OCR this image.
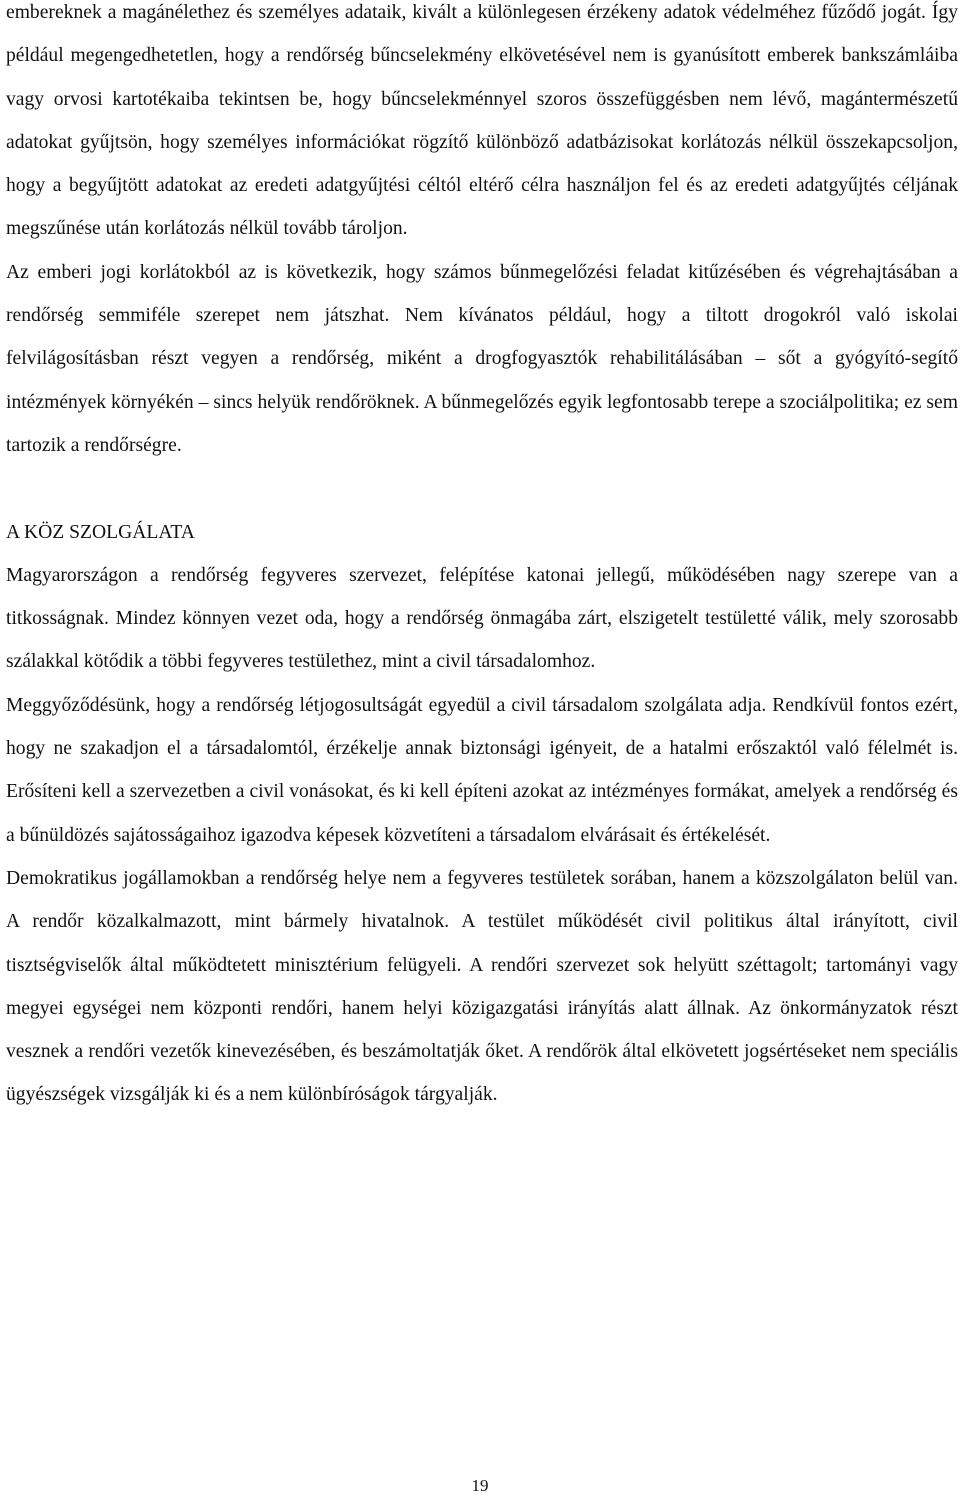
embereknek a magánélethez és személyes adataik, kivált a különlegesen érzékeny adatok védelméhez fűződő jogát. Így például megengedhetetlen, hogy a rendőrség bűncselekmény elkövetésével nem is gyanúsított emberek bankszámláiba vagy orvosi kartotékaiba tekintsen be, hogy bűncselekménnyel szoros összefüggésben nem lévő, magántermészetű adatokat gyűjtsön, hogy személyes információkat rögzítő különböző adatbázisokat korlátozás nélkül összekapcsoljon, hogy a begyűjtött adatokat az eredeti adatgyűjtési céltól eltérő célra használjon fel és az eredeti adatgyűjtés céljának megszűnése után korlátozás nélkül tovább tároljon.

Az emberi jogi korlátokból az is következik, hogy számos bűnmegelőzési feladat kitűzésében és végrehajtásában a rendőrség semmiféle szerepet nem játszhat. Nem kívánatos például, hogy a tiltott drogokról való iskolai felvilágosításban részt vegyen a rendőrség, miként a drogfogyasztók rehabilitálásában – sőt a gyógyító-segítő intézmények környékén – sincs helyük rendőröknek. A bűnmegelőzés egyik legfontosabb terepe a szociálpolitika; ez sem tartozik a rendőrségre.

A KÖZ SZOLGÁLATA

Magyarországon a rendőrség fegyveres szervezet, felépítése katonai jellegű, működésében nagy szerepe van a titkosságnak. Mindez könnyen vezet oda, hogy a rendőrség önmagába zárt, elszigetelt testületté válik, mely szorosabb szálakkal kötődik a többi fegyveres testülethez, mint a civil társadalomhoz.

Meggyőződésünk, hogy a rendőrség létjogosultságát egyedül a civil társadalom szolgálata adja. Rendkívül fontos ezért, hogy ne szakadjon el a társadalomtól, érzékelje annak biztonsági igényeit, de a hatalmi erőszaktól való félelmét is. Erősíteni kell a szervezetben a civil vonásokat, és ki kell építeni azokat az intézményes formákat, amelyek a rendőrség és a bűnüldözés sajátosságaihoz igazodva képesek közvetíteni a társadalom elvárásait és értékelését.

Demokratikus jogállamokban a rendőrség helye nem a fegyveres testületek sorában, hanem a közszolgálaton belül van. A rendőr közalkalmazott, mint bármely hivatalnok. A testület működését civil politikus által irányított, civil tisztségviselők által működtetett minisztérium felügyeli. A rendőri szervezet sok helyütt széttagolt; tartományi vagy megyei egységei nem központi rendőri, hanem helyi közigazgatási irányítás alatt állnak. Az önkormányzatok részt vesznek a rendőri vezetők kinevezésében, és beszámoltatják őket. A rendőrök által elkövetett jogsértéseket nem speciális ügyészségek vizsgálják ki és a nem különbíróságok tárgyalják.

19
